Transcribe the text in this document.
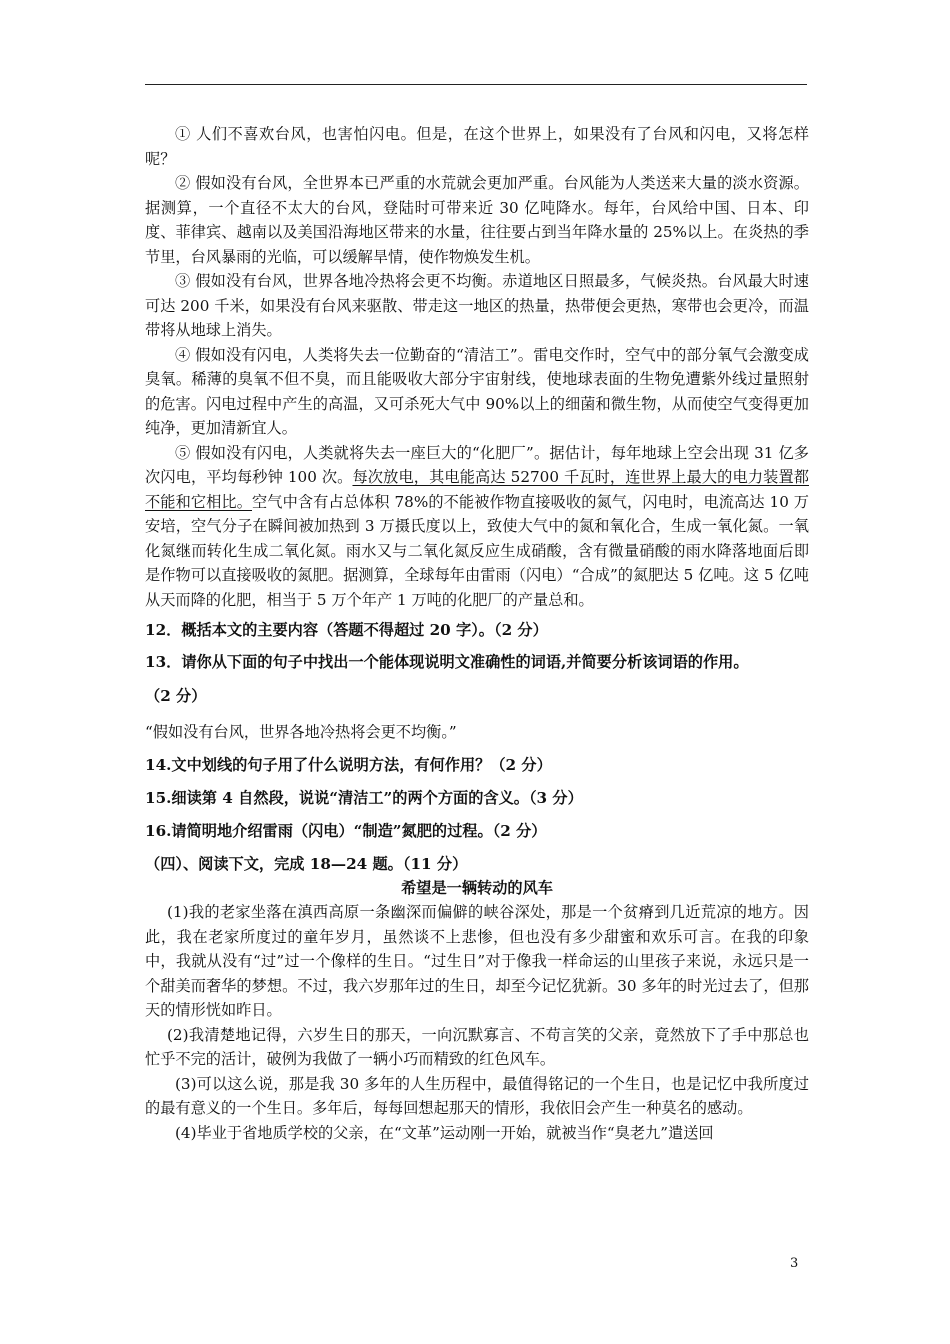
① 人们不喜欢台风，也害怕闪电。但是，在这个世界上，如果没有了台风和闪电，又将怎样呢？

② 假如没有台风，全世界本已严重的水荒就会更加严重。台风能为人类送来大量的淡水资源。据测算，一个直径不太大的台风，登陆时可带来近 30 亿吨降水。每年，台风给中国、日本、印度、菲律宾、越南以及美国沿海地区带来的水量，往往要占到当年降水量的 25%以上。在炎热的季节里，台风暴雨的光临，可以缓解旱情，使作物焕发生机。

③ 假如没有台风，世界各地冷热将会更不均衡。赤道地区日照最多，气候炎热。台风最大时速可达 200 千米，如果没有台风来驱散、带走这一地区的热量，热带便会更热，寒带也会更冷，而温带将从地球上消失。

④ 假如没有闪电，人类将失去一位勤奋的“清洁工”。雷电交作时，空气中的部分氧气会激变成臭氧。稀薄的臭氧不但不臭，而且能吸收大部分宇宙射线，使地球表面的生物免遭紫外线过量照射的危害。闪电过程中产生的高温，又可杀死大气中 90%以上的细菌和微生物，从而使空气变得更加纯净，更加清新宜人。

⑤ 假如没有闪电，人类就将失去一座巨大的“化肥厂”。据估计，每年地球上空会出现 31 亿多次闪电，平均每秒钟 100 次。每次放电，其电能高达 52700 千瓦时，连世界上最大的电力装置都不能和它相比。空气中含有占总体积 78%的不能被作物直接吸收的氮气，闪电时，电流高达 10 万安培，空气分子在瞬间被加热到 3 万摄氏度以上，致使大气中的氮和氧化合，生成一氧化氮。一氧化氮继而转化生成二氧化氮。雨水又与二氧化氮反应生成硝酸，含有微量硝酸的雨水降落地面后即是作物可以直接吸收的氮肥。据测算，全球每年由雷雨（闪电）“合成”的氮肥达 5 亿吨。这 5 亿吨从天而降的化肥，相当于 5 万个年产 1 万吨的化肥厂的产量总和。

12．概括本文的主要内容（答题不得超过 20 字）。（2 分）

13．请你从下面的句子中找出一个能体现说明文准确性的词语,并简要分析该词语的作用。

（2 分）

“假如没有台风，世界各地冷热将会更不均衡。”

14.文中划线的句子用了什么说明方法，有何作用？（2 分）

15.细读第 4 自然段，说说“清洁工”的两个方面的含义。（3 分）

16.请简明地介绍雷雨（闪电）“制造”氮肥的过程。（2 分）

（四）、阅读下文，完成 18—24 题。（11 分）

希望是一辆转动的风车

(1)我的老家坐落在滇西高原一条幽深而偏僻的峡谷深处，那是一个贫瘠到几近荒凉的地方。因此，我在老家所度过的童年岁月，虽然谈不上悲惨，但也没有多少甜蜜和欢乐可言。在我的印象中，我就从没有“过”过一个像样的生日。“过生日”对于像我一样命运的山里孩子来说，永远只是一个甜美而奢华的梦想。不过，我六岁那年过的生日，却至今记忆犹新。30 多年的时光过去了，但那天的情形恍如昨日。

(2)我清楚地记得，六岁生日的那天，一向沉默寡言、不苟言笑的父亲，竟然放下了手中那总也忙乎不完的活计，破例为我做了一辆小巧而精致的红色风车。

(3)可以这么说，那是我 30 多年的人生历程中，最值得铭记的一个生日，也是记忆中我所度过的最有意义的一个生日。多年后，每每回想起那天的情形，我依旧会产生一种莫名的感动。

(4)毕业于省地质学校的父亲，在“文革”运动刚一开始，就被当作“臭老九”遣送回

3
